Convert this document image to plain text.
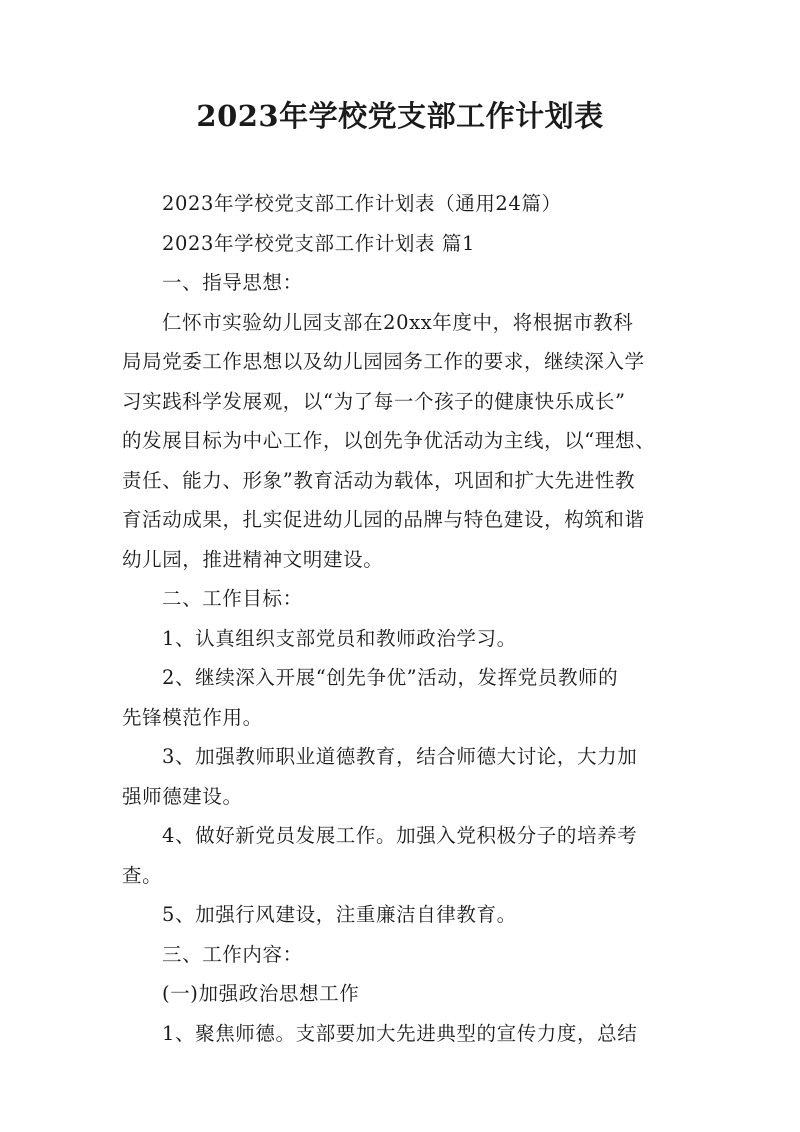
2023年学校党支部工作计划表

2023年学校党支部工作计划表（通用24篇）

2023年学校党支部工作计划表 篇1

一、指导思想：

仁怀市实验幼儿园支部在20xx年度中，将根据市教科

局局党委工作思想以及幼儿园园务工作的要求，继续深入学

习实践科学发展观，以“为了每一个孩子的健康快乐成长”

的发展目标为中心工作，以创先争优活动为主线，以“理想、

责任、能力、形象”教育活动为载体，巩固和扩大先进性教

育活动成果，扎实促进幼儿园的品牌与特色建设，构筑和谐

幼儿园，推进精神文明建设。

二、工作目标：

1、认真组织支部党员和教师政治学习。

2、继续深入开展“创先争优”活动，发挥党员教师的

先锋模范作用。

3、加强教师职业道德教育，结合师德大讨论，大力加

强师德建设。

4、做好新党员发展工作。加强入党积极分子的培养考

查。

5、加强行风建设，注重廉洁自律教育。

三、工作内容：

(一)加强政治思想工作

1、聚焦师德。支部要加大先进典型的宣传力度，总结
